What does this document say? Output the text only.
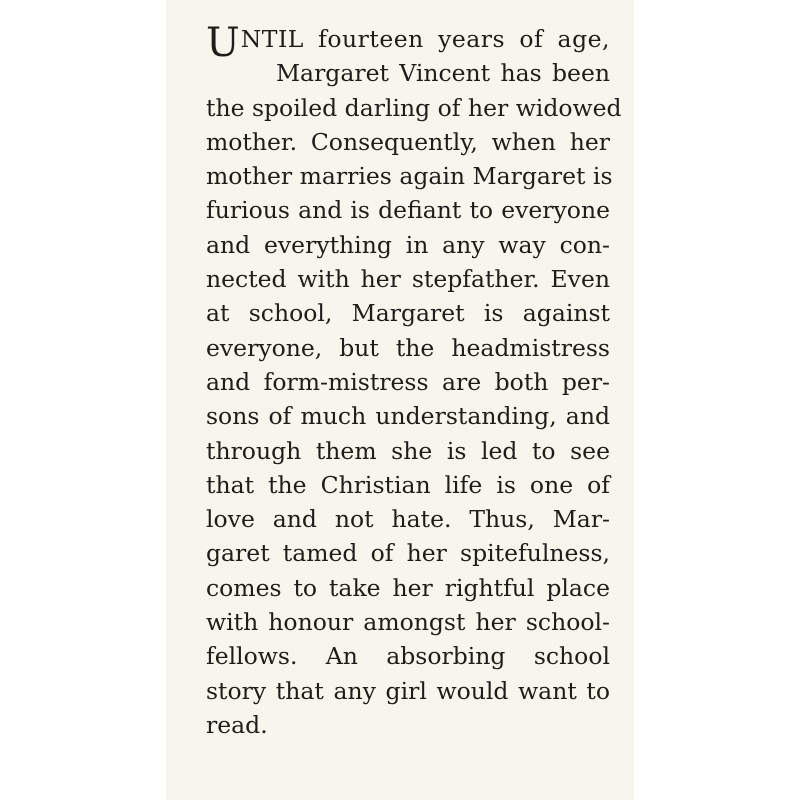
UNTIL fourteen years of age,
Margaret Vincent has been
the spoiled darling of her widowed
mother. Consequently, when her
mother marries again Margaret is
furious and is defiant to everyone
and everything in any way con-
nected with her stepfather. Even
at school, Margaret is against
everyone, but the headmistress
and form-mistress are both per-
sons of much understanding, and
through them she is led to see
that the Christian life is one of
love and not hate. Thus, Mar-
garet tamed of her spitefulness,
comes to take her rightful place
with honour amongst her school-
fellows. An absorbing school
story that any girl would want to
read.
